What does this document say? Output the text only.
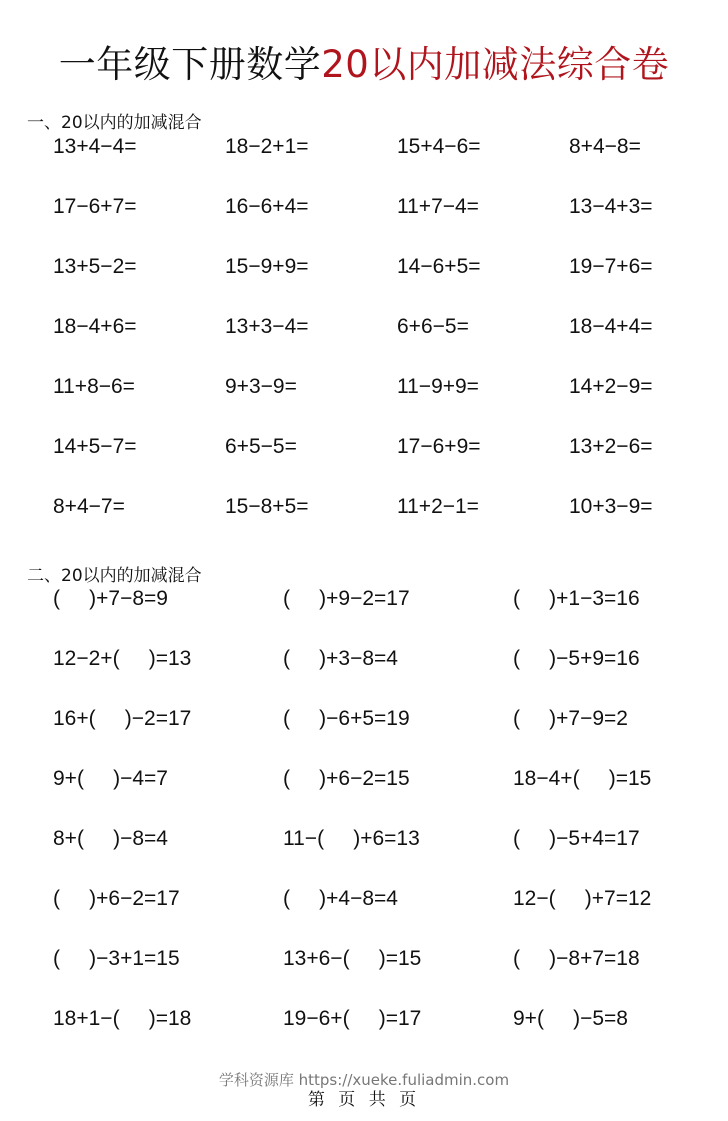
一年级下册数学20以内加减法综合卷
一、20以内的加减混合
13+4−4=	18−2+1=	15+4−6=	8+4−8=
17−6+7=	16−6+4=	11+7−4=	13−4+3=
13+5−2=	15−9+9=	14−6+5=	19−7+6=
18−4+6=	13+3−4=	6+6−5=	18−4+4=
11+8−6=	9+3−9=	11−9+9=	14+2−9=
14+5−7=	6+5−5=	17−6+9=	13+2−6=
8+4−7=	15−8+5=	11+2−1=	10+3−9=
二、20以内的加减混合
(     )+7−8=9	(     )+9−2=17	(     )+1−3=16
12−2+(     )=13	(     )+3−8=4	(     )−5+9=16
16+(     )−2=17	(     )−6+5=19	(     )+7−9=2
9+(     )−4=7	(     )+6−2=15	18−4+(     )=15
8+(     )−8=4	11−(     )+6=13	(     )−5+4=17
(     )+6−2=17	(     )+4−8=4	12−(     )+7=12
(     )−3+1=15	13+6−(     )=15	(     )−8+7=18
18+1−(     )=18	19−6+(     )=17	9+(     )−5=8
学科资源库 https://xueke.fuliadmin.com
第 页 共 页
